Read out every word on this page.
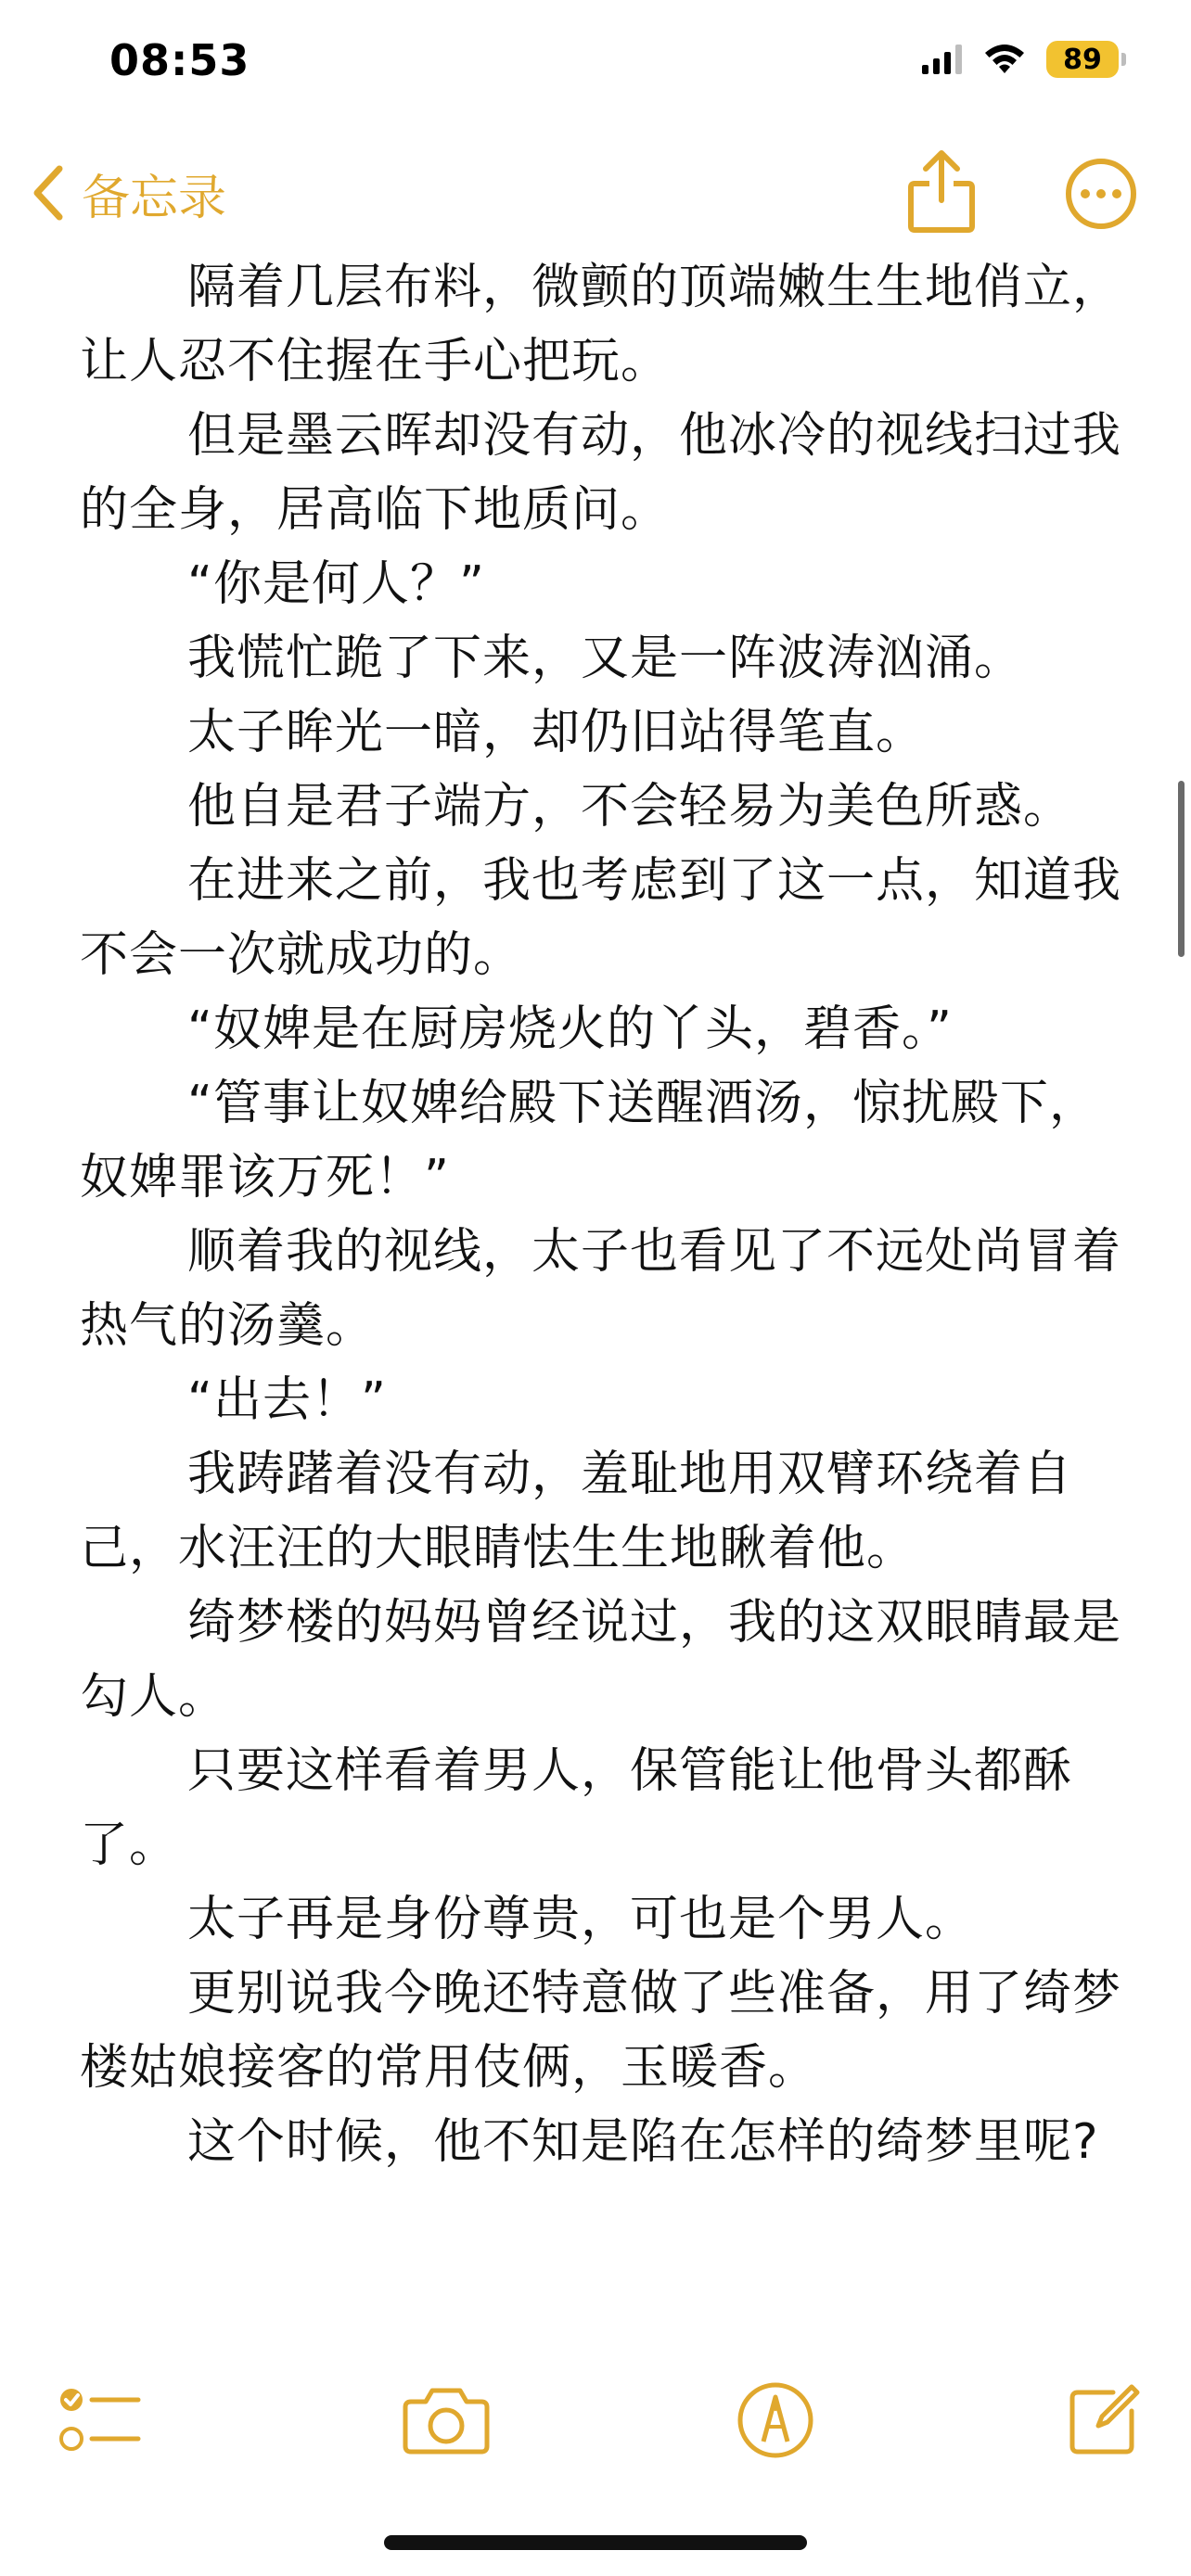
08:53	89
备忘录

隔着几层布料，微颤的顶端嫩生生地俏立，让人忍不住握在手心把玩。

但是墨云晖却没有动，他冰冷的视线扫过我的全身，居高临下地质问。

“你是何人？”

我慌忙跪了下来，又是一阵波涛汹涌。

太子眸光一暗，却仍旧站得笔直。

他自是君子端方，不会轻易为美色所惑。

在进来之前，我也考虑到了这一点，知道我不会一次就成功的。

“奴婢是在厨房烧火的丫头，碧香。”

“管事让奴婢给殿下送醒酒汤，惊扰殿下，奴婢罪该万死！”

顺着我的视线，太子也看见了不远处尚冒着热气的汤羹。

“出去！”

我踌躇着没有动，羞耻地用双臂环绕着自己，水汪汪的大眼睛怯生生地瞅着他。

绮梦楼的妈妈曾经说过，我的这双眼睛最是勾人。

只要这样看着男人，保管能让他骨头都酥了。

太子再是身份尊贵，可也是个男人。

更别说我今晚还特意做了些准备，用了绮梦楼姑娘接客的常用伎俩，玉暖香。

这个时候，他不知是陷在怎样的绮梦里呢?
